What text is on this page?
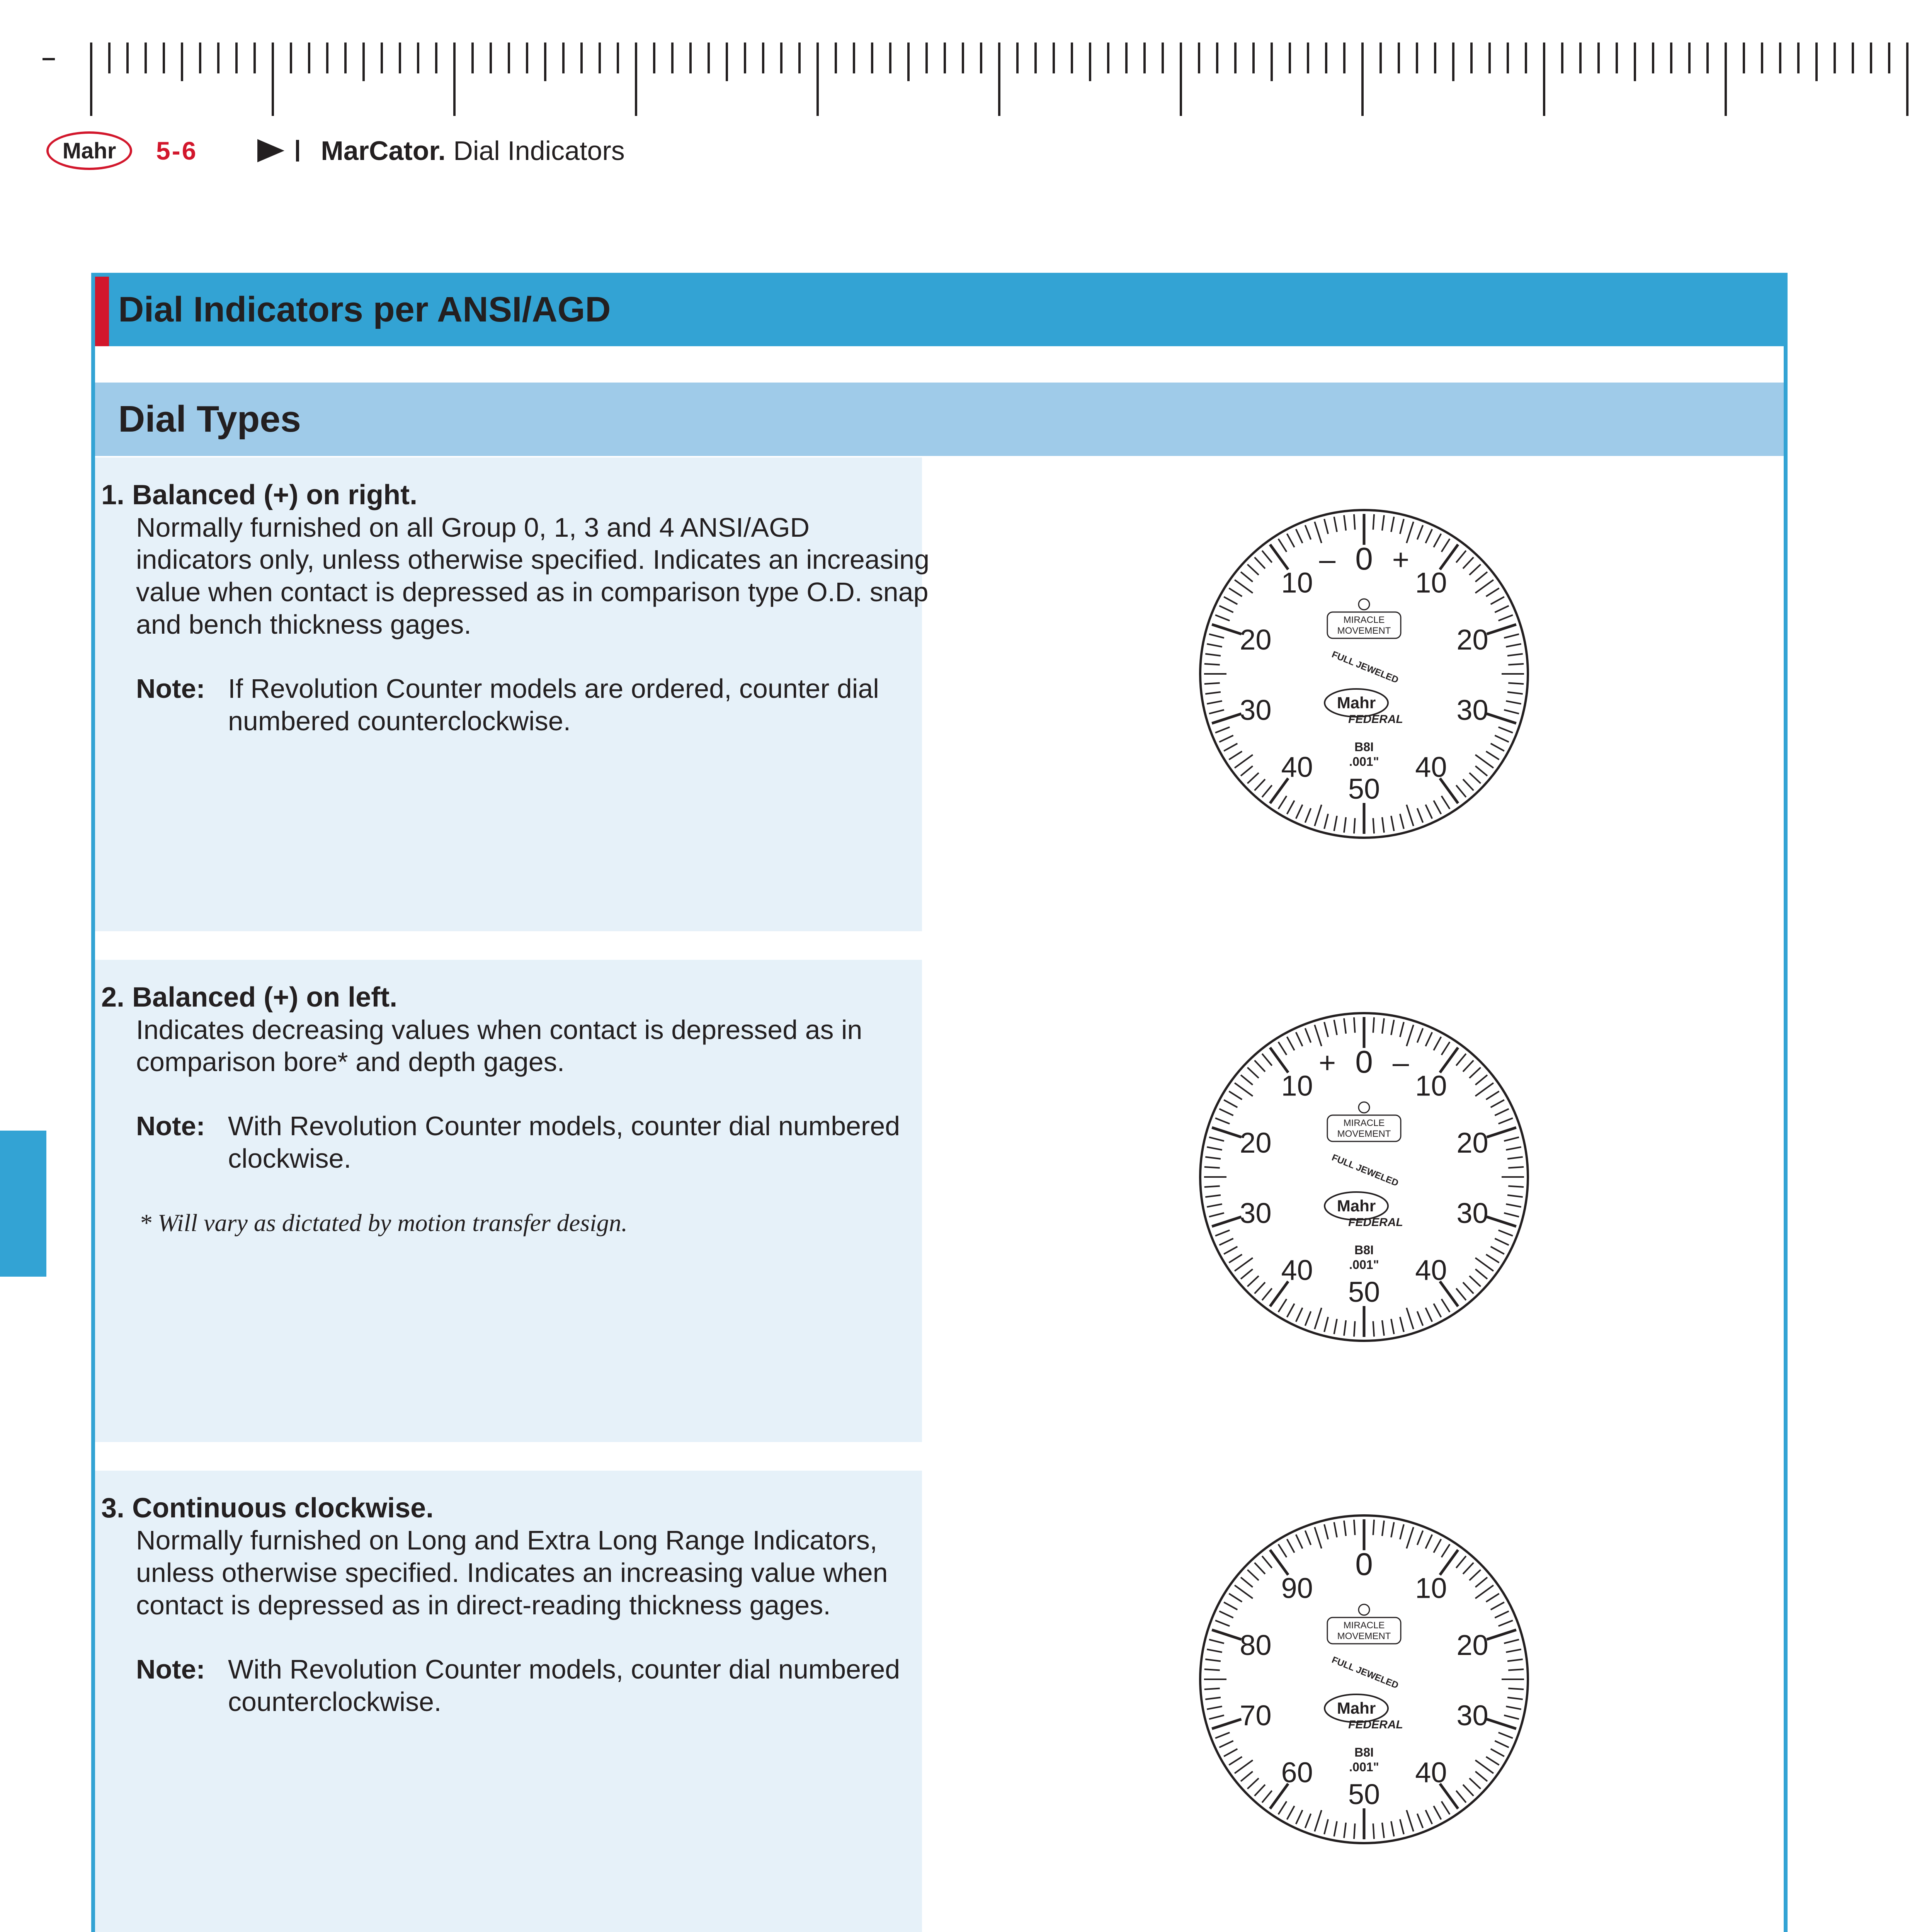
Mahr	5-6	MarCator. Dial Indicators
Dial Indicators per ANSI/AGD
Dial Types
1. Balanced (+) on right.
Normally furnished on all Group 0, 1, 3 and 4 ANSI/AGD
indicators only, unless otherwise specified. Indicates an increasing
value when contact is depressed as in comparison type O.D. snap
and bench thickness gages.
Note: If Revolution Counter models are ordered, counter dial
numbered counterclockwise.
2. Balanced (+) on left.
Indicates decreasing values when contact is depressed as in
comparison bore* and depth gages.
Note: With Revolution Counter models, counter dial numbered
clockwise.
* Will vary as dictated by motion transfer design.
3. Continuous clockwise.
Normally furnished on Long and Extra Long Range Indicators,
unless otherwise specified. Indicates an increasing value when
contact is depressed as in direct-reading thickness gages.
Note: With Revolution Counter models, counter dial numbered
counterclockwise.
0
– +
10
20
30
40
50
40
30
20
10
MIRACLE
MOVEMENT
FULL JEWELED
Mahr
FEDERAL
B8I
.001"
0
+ –
10
20
30
40
50
40
30
20
10
MIRACLE
MOVEMENT
FULL JEWELED
Mahr
FEDERAL
B8I
.001"
0
10
20
30
40
50
60
70
80
90
MIRACLE
MOVEMENT
FULL JEWELED
Mahr
FEDERAL
B8I
.001"
